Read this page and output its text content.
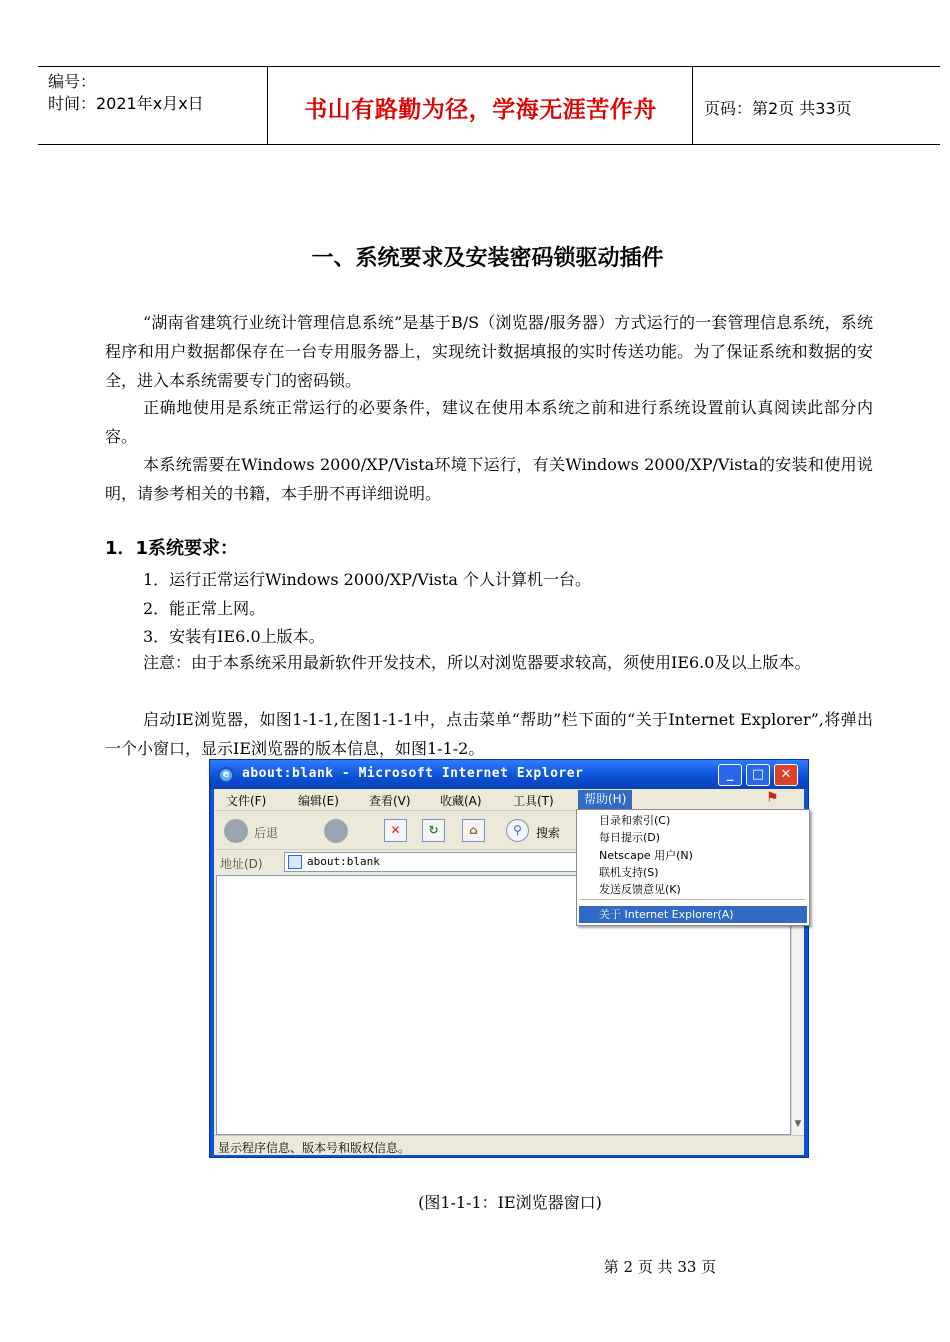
编号：
时间：2021年x月x日	书山有路勤为径，学海无涯苦作舟	页码：第2页 共33页
一、系统要求及安装密码锁驱动插件
“湖南省建筑行业统计管理信息系统”是基于B/S（浏览器/服务器）方式运行的一套管理信息系统，系统程序和用户数据都保存在一台专用服务器上，实现统计数据填报的实时传送功能。为了保证系统和数据的安全，进入本系统需要专门的密码锁。
正确地使用是系统正常运行的必要条件，建议在使用本系统之前和进行系统设置前认真阅读此部分内容。
本系统需要在Windows 2000/XP/Vista环境下运行，有关Windows 2000/XP/Vista的安装和使用说明，请参考相关的书籍，本手册不再详细说明。
1．1系统要求：
1．运行正常运行Windows 2000/XP/Vista 个人计算机一台。
2．能正常上网。
3．安装有IE6.0上版本。
注意：由于本系统采用最新软件开发技术，所以对浏览器要求较高，须使用IE6.0及以上版本。
启动IE浏览器，如图1-1-1,在图1-1-1中，点击菜单“帮助”栏下面的“关于Internet Explorer”,将弹出一个小窗口，显示IE浏览器的版本信息，如图1-1-2。
e about:blank - Microsoft Internet Explorer	_	□	✕
文件(F)	编辑(E)	查看(V) 收藏(A)	工具(T)	帮助(H)	⚑
后退	✕	↻	⌂	⚲	搜索
地址(D)	about:blank
▼
显示程序信息、版本号和版权信息。
目录和索引(C)
每日提示(D)
Netscape 用户(N)
联机支持(S)
发送反馈意见(K)
关于 Internet Explorer(A)
(图1-1-1：IE浏览器窗口)
第 2 页 共 33 页
